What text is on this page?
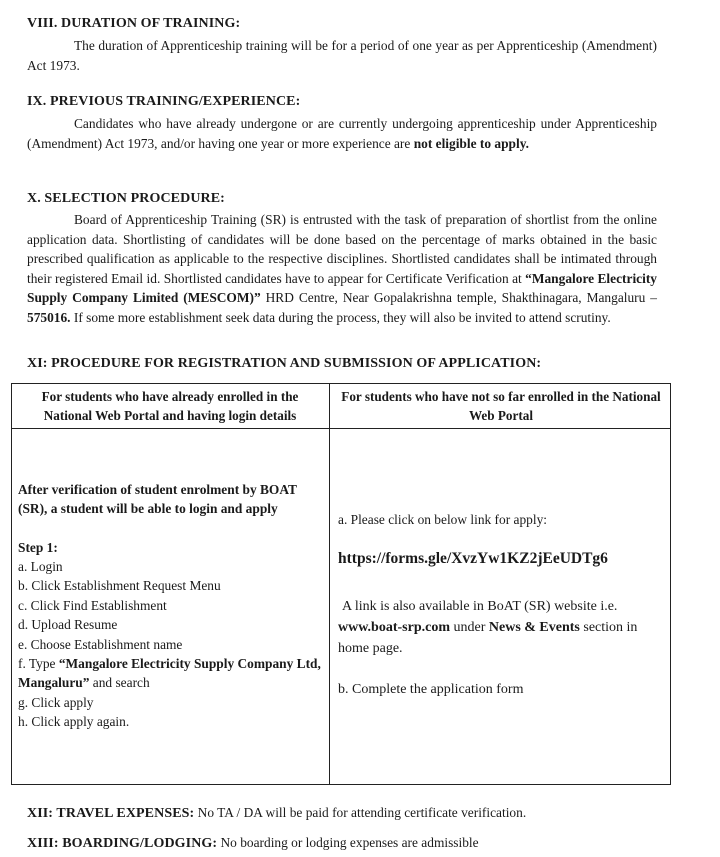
VIII. DURATION OF TRAINING:
The duration of Apprenticeship training will be for a period of one year as per Apprenticeship (Amendment) Act 1973.
IX. PREVIOUS TRAINING/EXPERIENCE:
Candidates who have already undergone or are currently undergoing apprenticeship under Apprenticeship (Amendment) Act 1973, and/or having one year or more experience are not eligible to apply.
X. SELECTION PROCEDURE:
Board of Apprenticeship Training (SR) is entrusted with the task of preparation of shortlist from the online application data. Shortlisting of candidates will be done based on the percentage of marks obtained in the basic prescribed qualification as applicable to the respective disciplines. Shortlisted candidates shall be intimated through their registered Email id. Shortlisted candidates have to appear for Certificate Verification at “Mangalore Electricity Supply Company Limited (MESCOM)” HRD Centre, Near Gopalakrishna temple, Shakthinagara, Mangaluru – 575016. If some more establishment seek data during the process, they will also be invited to attend scrutiny.
XI: PROCEDURE FOR REGISTRATION AND SUBMISSION OF APPLICATION:
For students who have already enrolled in the National Web Portal and having login details
For students who have not so far enrolled in the National Web Portal
After verification of student enrolment by BOAT (SR), a student will be able to login and apply
Step 1:
a. Login
b. Click Establishment Request Menu
c. Click Find Establishment
d. Upload Resume
e. Choose Establishment name
f. Type “Mangalore Electricity Supply Company Ltd, Mangaluru” and search
g. Click apply
h. Click apply again.
a. Please click on below link for apply:
https://forms.gle/XvzYw1KZ2jEeUDTg6
A link is also available in BoAT (SR) website i.e. www.boat-srp.com under News & Events section in home page.
b. Complete the application form
XII: TRAVEL EXPENSES: No TA / DA will be paid for attending certificate verification.
XIII: BOARDING/LODGING: No boarding or lodging expenses are admissible
